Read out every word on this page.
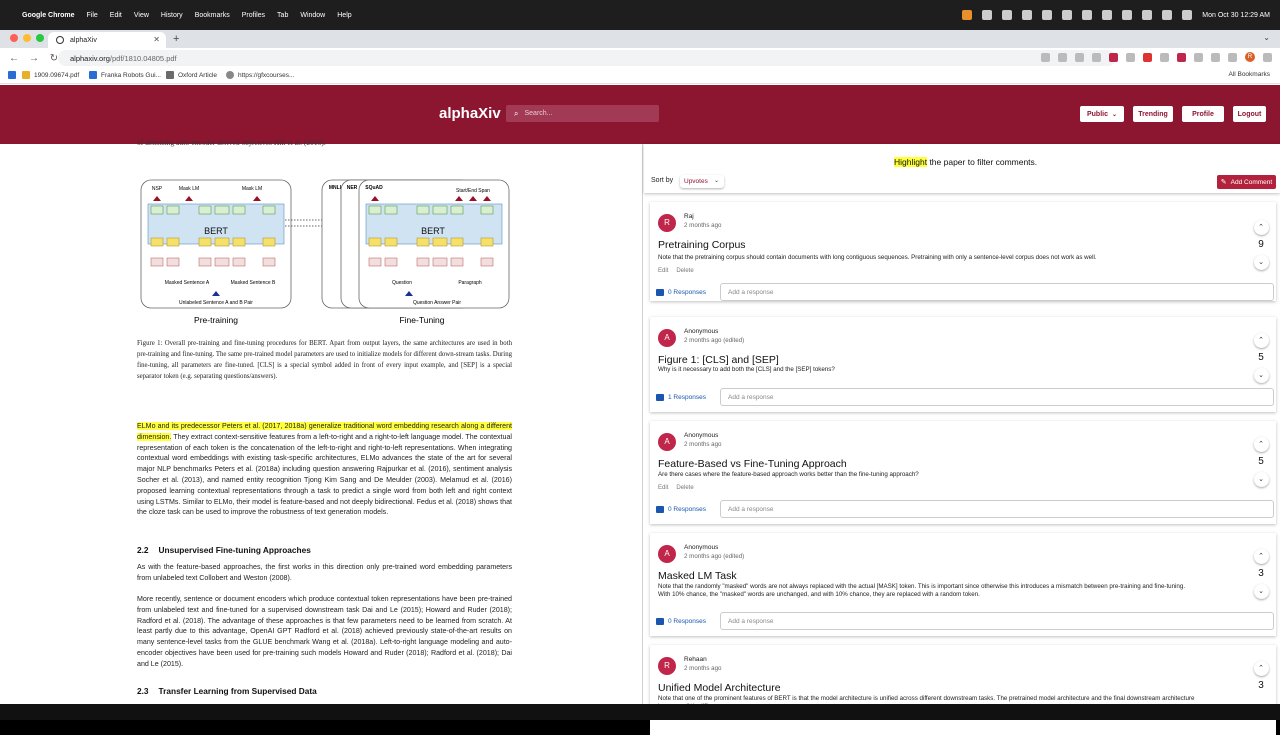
Google Chrome File Edit View History Bookmarks Profiles Tab Window Help	Mon Oct 30 12:29 AM
alphaXiv	✕ +	⌄
← → ↻ alphaxiv.org /pdf/1810.04805.pdf	R
1909.09674.pdf	Franka Robots Gui...	Oxford Article	https://gfxcourses...	All Bookmarks
alphaXiv ⌕ Search...	Public ⌄	Trending	Profile	Logout
of denoising auto-encoder derived objectives Hill et al. (2016).
BERT
NSP	Mask LM	Mask LM
Masked Sentence A	Masked Sentence B
Unlabeled Sentence A and B Pair
Pre-training
MNLI NER SQuAD	Start/End Span
BERT
Question	Paragraph
Question Answer Pair
Fine-Tuning
Figure 1: Overall pre-training and fine-tuning procedures for BERT. Apart from output layers, the same architectures are used in both pre-training and fine-tuning. The same pre-trained model parameters are used to initialize models for different down-stream tasks. During fine-tuning, all parameters are fine-tuned. [CLS] is a special symbol added in front of every input example, and [SEP] is a special separator token (e.g. separating questions/answers).
ELMo and its predecessor Peters et al. (2017, 2018a) generalize traditional word embedding research along a different dimension. They extract context-sensitive features from a left-to-right and a right-to-left language model. The contextual representation of each token is the concatenation of the left-to-right and right-to-left representations. When integrating contextual word embeddings with existing task-specific architectures, ELMo advances the state of the art for several major NLP benchmarks Peters et al. (2018a) including question answering Rajpurkar et al. (2016), sentiment analysis Socher et al. (2013), and named entity recognition Tjong Kim Sang and De Meulder (2003). Melamud et al. (2016) proposed learning contextual representations through a task to predict a single word from both left and right context using LSTMs. Similar to ELMo, their model is feature-based and not deeply bidirectional. Fedus et al. (2018) shows that the cloze task can be used to improve the robustness of text generation models.
2.2 Unsupervised Fine-tuning Approaches
As with the feature-based approaches, the first works in this direction only pre-trained word embedding parameters from unlabeled text Collobert and Weston (2008).
More recently, sentence or document encoders which produce contextual token representations have been pre-trained from unlabeled text and fine-tuned for a supervised downstream task Dai and Le (2015); Howard and Ruder (2018); Radford et al. (2018). The advantage of these approaches is that few parameters need to be learned from scratch. At least partly due to this advantage, OpenAI GPT Radford et al. (2018) achieved previously state-of-the-art results on many sentence-level tasks from the GLUE benchmark Wang et al. (2018a). Left-to-right language modeling and auto-encoder objectives have been used for pre-training such models Howard and Ruder (2018); Radford et al. (2018); Dai and Le (2015).
2.3 Transfer Learning from Supervised Data
Highlight the paper to filter comments.
Sort by Upvotes ⌄	✎ Add Comment
R
Raj
2 months ago
Pretraining Corpus
Note that the pretraining corpus should contain documents with long contiguous sequences. Pretraining with only a sentence-level corpus does not work as well.
Edit Delete
⌃
9
⌄
0 Responses	Add a response
A
Anonymous
2 months ago (edited)
Figure 1: [CLS] and [SEP]
Why is it necessary to add both the [CLS] and the [SEP] tokens?
⌃
5
⌄
1 Responses	Add a response
A
Anonymous
2 months ago
Feature-Based vs Fine-Tuning Approach
Are there cases where the feature-based approach works better than the fine-tuning approach?
Edit Delete
⌃
5
⌄
0 Responses	Add a response
A
Anonymous
2 months ago (edited)
Masked LM Task
Note that the randomly "masked" words are not always replaced with the actual [MASK] token. This is important since otherwise this introduces a mismatch between pre-training and fine-tuning. With 10% chance, the "masked" words are unchanged, and with 10% chance, they are replaced with a random token.
⌃
3
⌄
0 Responses	Add a response
R
Rehaan
2 months ago
Unified Model Architecture
Note that one of the prominent features of BERT is that the model architecture is unified across different downstream tasks. The pretrained model architecture and the final downstream architecture
⌃
3
